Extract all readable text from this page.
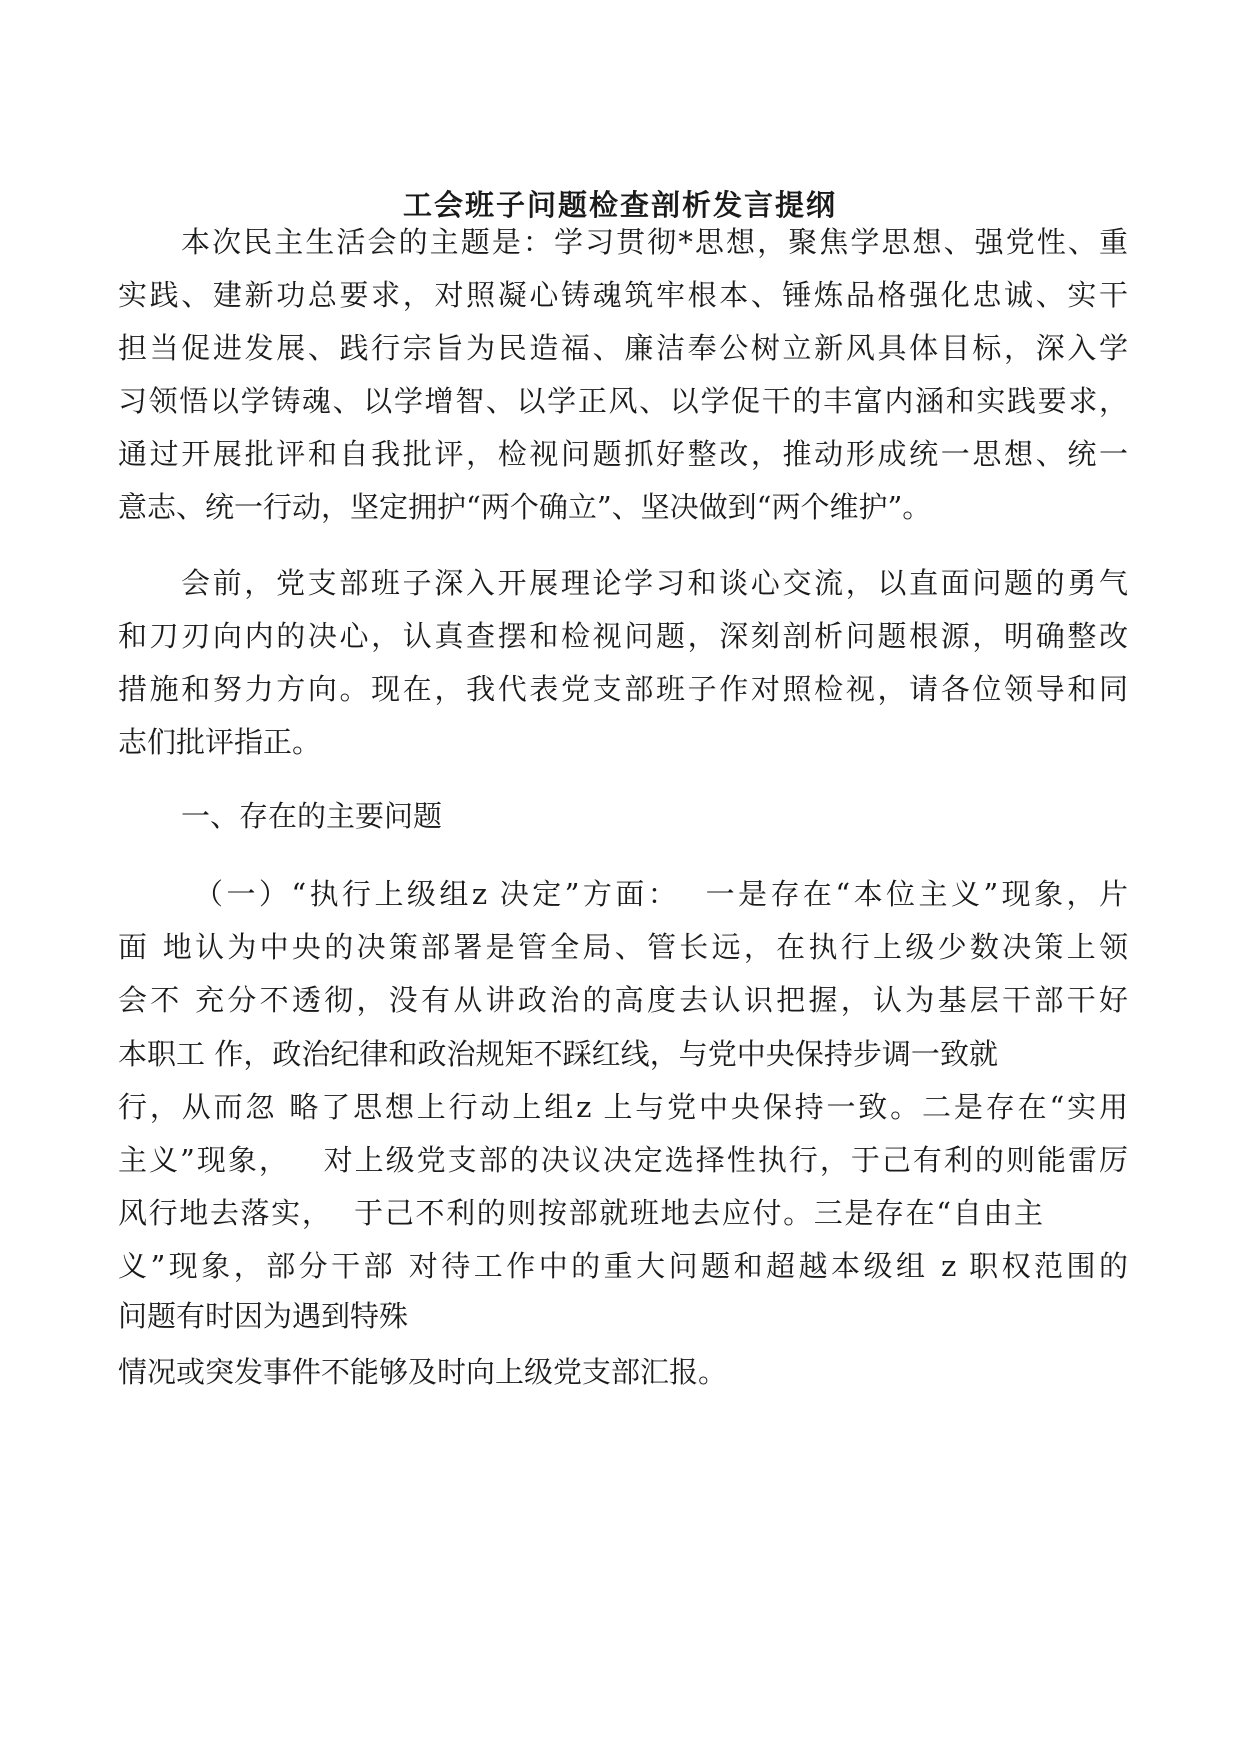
工会班子问题检查剖析发言提纲

本次民主生活会的主题是：学习贯彻*思想，聚焦学思想、强党性、重

实践、建新功总要求，对照凝心铸魂筑牢根本、锤炼品格强化忠诚、实干

担当促进发展、践行宗旨为民造福、廉洁奉公树立新风具体目标，深入学

习领悟以学铸魂、以学增智、以学正风、以学促干的丰富内涵和实践要求，

通过开展批评和自我批评，检视问题抓好整改，推动形成统一思想、统一

意志、统一行动，坚定拥护“两个确立”、坚决做到“两个维护”。

会前，党支部班子深入开展理论学习和谈心交流，以直面问题的勇气

和刀刃向内的决心，认真查摆和检视问题，深刻剖析问题根源，明确整改

措施和努力方向。现在，我代表党支部班子作对照检视，请各位领导和同

志们批评指正。

一、存在的主要问题

（一）“执行上级组z 决定”方面：  一是存在“本位主义”现象，片

面 地认为中央的决策部署是管全局、管长远，在执行上级少数决策上领

会不 充分不透彻，没有从讲政治的高度去认识把握，认为基层干部干好

本职工 作，政治纪律和政治规矩不踩红线，与党中央保持步调一致就

行，从而忽 略了思想上行动上组z 上与党中央保持一致。二是存在“实用

主义”现象，   对上级党支部的决议决定选择性执行，于己有利的则能雷厉

风行地去落实，  于己不利的则按部就班地去应付。三是存在“自由主

义”现象，部分干部 对待工作中的重大问题和超越本级组 z 职权范围的

问题有时因为遇到特殊

情况或突发事件不能够及时向上级党支部汇报。
